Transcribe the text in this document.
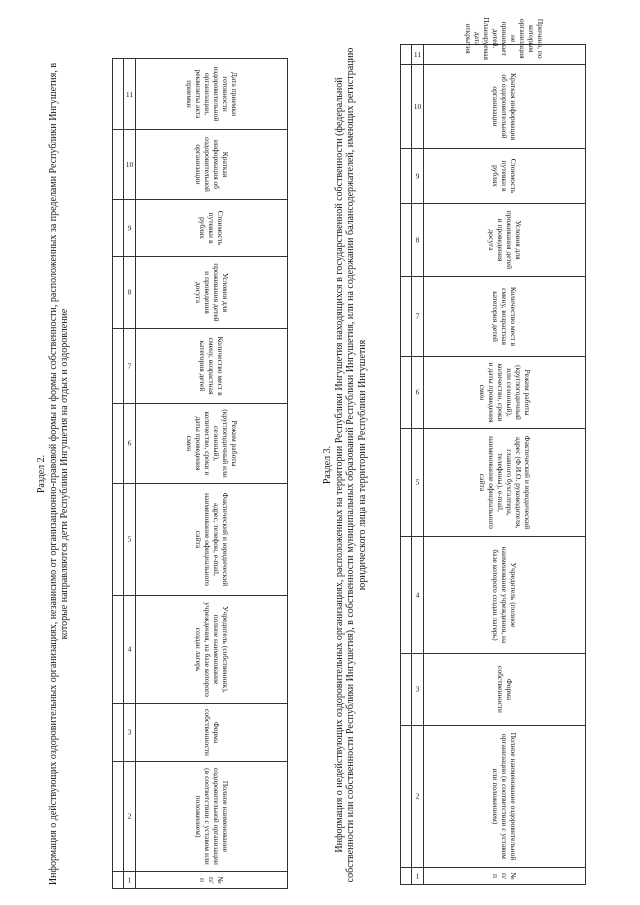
Раздел 2. Информация о действующих оздоровительных организациях, независимо от организационно-правовой формы и формы собственности, расположенных за пределами Республики Ингушетия, в которые направляются дети Республики Ингушетия на отдых и оздоровление

1	2	3	4	5	6	7	8	9	10	11
№ п/п	Полное наименование оздоровительной организации (в соответствии с уставом или положением)	Форма собственности	Учредитель (собственник), полное наименование учреждения, на базе которого создан лагерь	Фактический и юридический адрес, телефон, e-mail, наименование официального сайта	Режим работы (круглогодичный или сезонный), количество, сроки и даты проведения смен	Количество мест в смену, возрастная категория детей	Условия для проживания детей и проведения досуга	Стоимость путевки в рублях	Краткая информация об оздоровительной организации	Дата приемки готовности оздоровительной организации, реквизиты акта приемки
Раздел 3. Информация о недействующих оздоровительных организациях, расположенных на территории Республики Ингушетия находящихся в государственной собственности (федеральной собственности или собственности Республики Ингушетия), в собственности муниципальных образований Республики Ингушетия, или на содержании балансодержателей, имеющих регистрацию юридического лица на территории Республики Ингушетия

1	2	3	4	5	6	7	8	9	10	11
№ п/п	Полное наименование оздоровительной организации (в соответствии с уставом или положением)	Форма собственности	Учредитель (полное наименование учреждения, на базе которого создан лагерь)	Фактический и юридический адрес (Ф.И.О. руководителя, главного бухгалтера, телефоны), e-mail, наименование официального сайта	Режим работы (круглогодичный или сезонный), количество, сроки и даты проведения смен	Количество мест в смену, возрастная категория детей	Условия для проживания детей и проведения досуга	Стоимость путевки в рублях	Краткая информация об оздоровительной организации	Причина, по которым организация не принимает детей. Планируемая дата открытия
